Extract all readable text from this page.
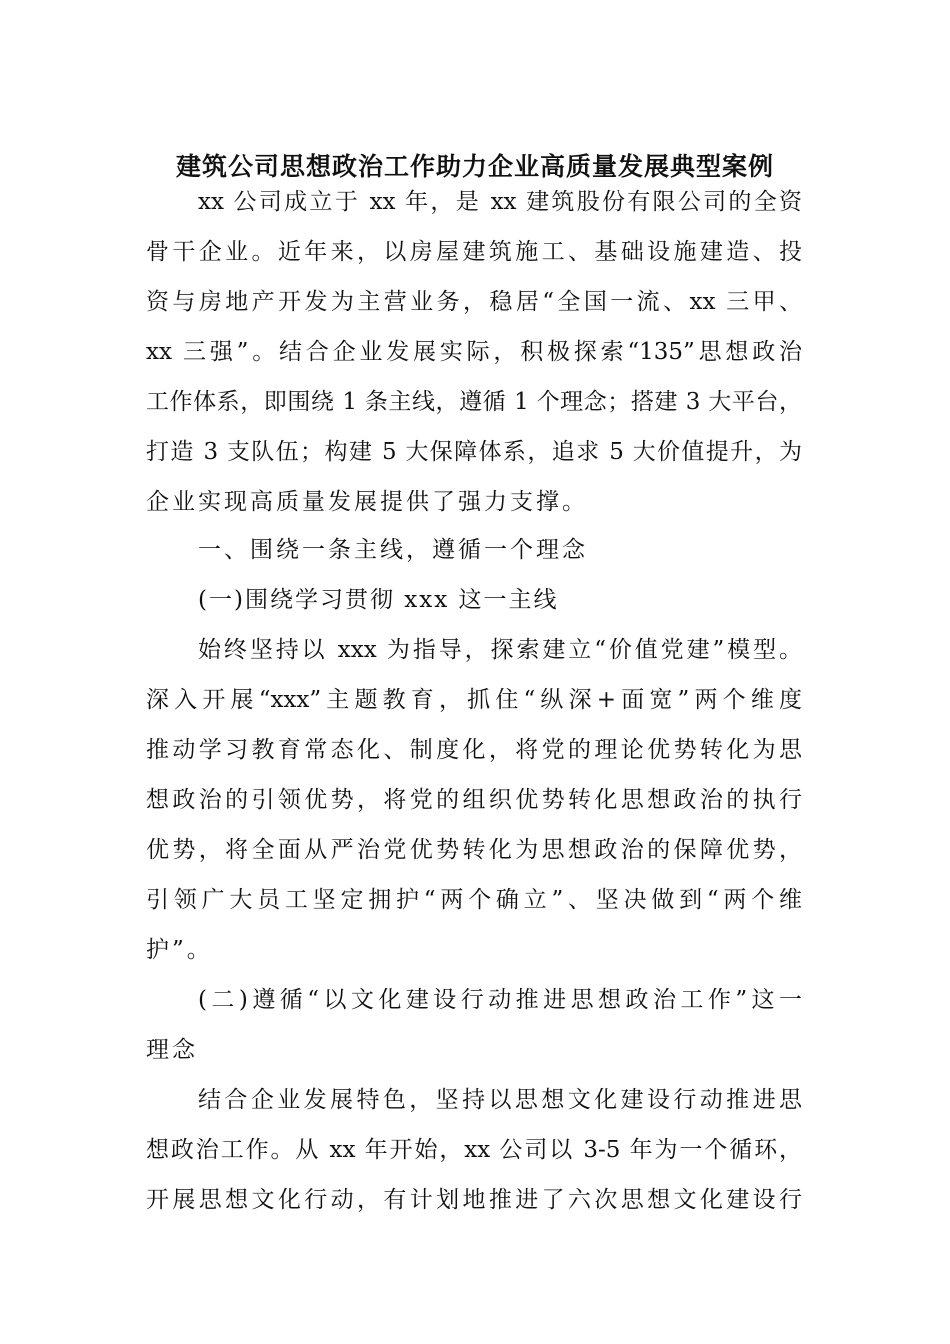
建筑公司思想政治工作助力企业高质量发展典型案例

xx 公司成立于 xx 年，是 xx 建筑股份有限公司的全资

骨干企业。近年来，以房屋建筑施工、基础设施建造、投

资与房地产开发为主营业务，稳居“全国一流、xx 三甲、

xx 三强”。结合企业发展实际，积极探索“135”思想政治

工作体系，即围绕 1 条主线，遵循 1 个理念；搭建 3 大平台，

打造 3 支队伍；构建 5 大保障体系，追求 5 大价值提升，为

企业实现高质量发展提供了强力支撑。

一、围绕一条主线，遵循一个理念
(一)围绕学习贯彻 xxx 这一主线

始终坚持以 xxx 为指导，探索建立“价值党建”模型。

深入开展“xxx”主题教育，抓住“纵深+面宽”两个维度

推动学习教育常态化、制度化，将党的理论优势转化为思

想政治的引领优势，将党的组织优势转化思想政治的执行

优势，将全面从严治党优势转化为思想政治的保障优势，

引领广大员工坚定拥护“两个确立”、坚决做到“两个维

护”。

(二)遵循“以文化建设行动推进思想政治工作”这一

理念

结合企业发展特色，坚持以思想文化建设行动推进思

想政治工作。从 xx 年开始，xx 公司以 3-5 年为一个循环，

开展思想文化行动，有计划地推进了六次思想文化建设行
